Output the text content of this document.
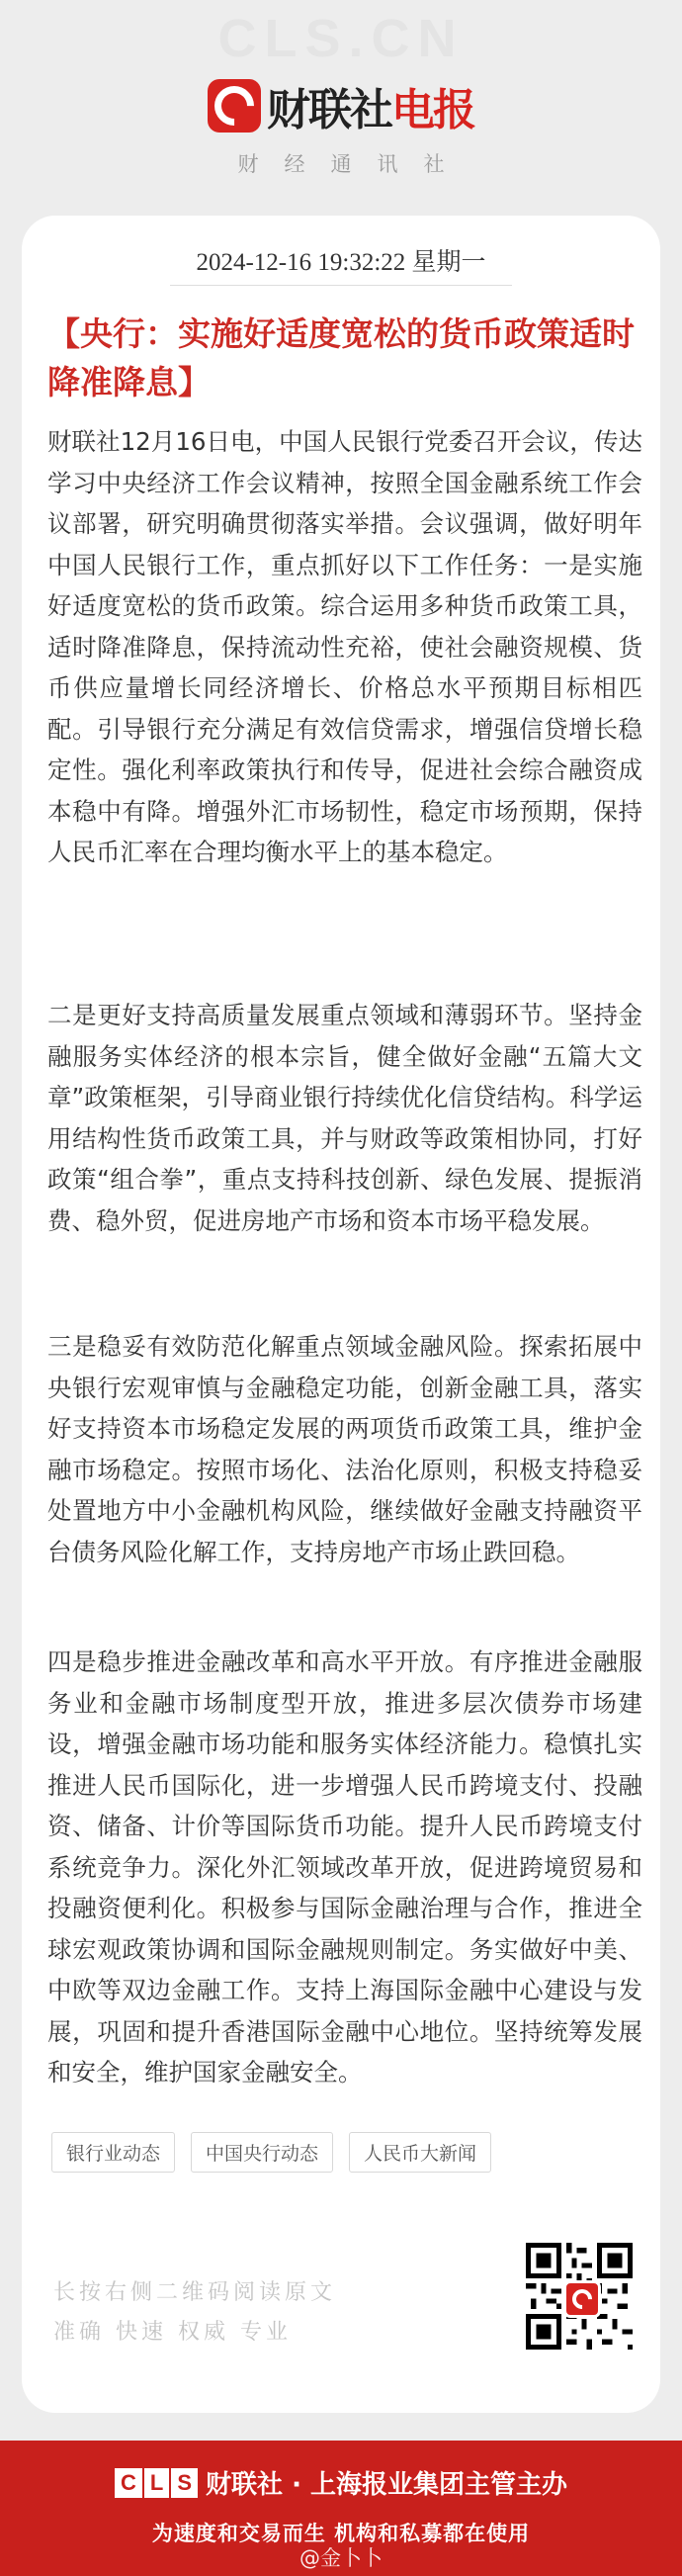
CLS.CN
财联社 电报
财经通讯社
2024-12-16 19:32:22 星期一
【央行：实施好适度宽松的货币政策适时降准降息】

财联社12月16日电，中国人民银行党委召开会议，传达学习中央经济工作会议精神，按照全国金融系统工作会议部署，研究明确贯彻落实举措。会议强调，做好明年中国人民银行工作，重点抓好以下工作任务：一是实施好适度宽松的货币政策。综合运用多种货币政策工具，适时降准降息，保持流动性充裕，使社会融资规模、货币供应量增长同经济增长、价格总水平预期目标相匹配。引导银行充分满足有效信贷需求，增强信贷增长稳定性。强化利率政策执行和传导，促进社会综合融资成本稳中有降。增强外汇市场韧性，稳定市场预期，保持人民币汇率在合理均衡水平上的基本稳定。

二是更好支持高质量发展重点领域和薄弱环节。坚持金融服务实体经济的根本宗旨，健全做好金融“五篇大文章”政策框架，引导商业银行持续优化信贷结构。科学运用结构性货币政策工具，并与财政等政策相协同，打好政策“组合拳”，重点支持科技创新、绿色发展、提振消费、稳外贸，促进房地产市场和资本市场平稳发展。

三是稳妥有效防范化解重点领域金融风险。探索拓展中央银行宏观审慎与金融稳定功能，创新金融工具，落实好支持资本市场稳定发展的两项货币政策工具，维护金融市场稳定。按照市场化、法治化原则，积极支持稳妥处置地方中小金融机构风险，继续做好金融支持融资平台债务风险化解工作，支持房地产市场止跌回稳。

四是稳步推进金融改革和高水平开放。有序推进金融服务业和金融市场制度型开放，推进多层次债券市场建设，增强金融市场功能和服务实体经济能力。稳慎扎实推进人民币国际化，进一步增强人民币跨境支付、投融资、储备、计价等国际货币功能。提升人民币跨境支付系统竞争力。深化外汇领域改革开放，促进跨境贸易和投融资便利化。积极参与国际金融治理与合作，推进全球宏观政策协调和国际金融规则制定。务实做好中美、中欧等双边金融工作。支持上海国际金融中心建设与发展，巩固和提升香港国际金融中心地位。坚持统筹发展和安全，维护国家金融安全。

银行业动态	中国央行动态	人民币大新闻
长按右侧二维码阅读原文
准确 快速 权威 专业
C L S 财联社 · 上海报业集团主管主办
为速度和交易而生 机构和私募都在使用
@金卜卜
